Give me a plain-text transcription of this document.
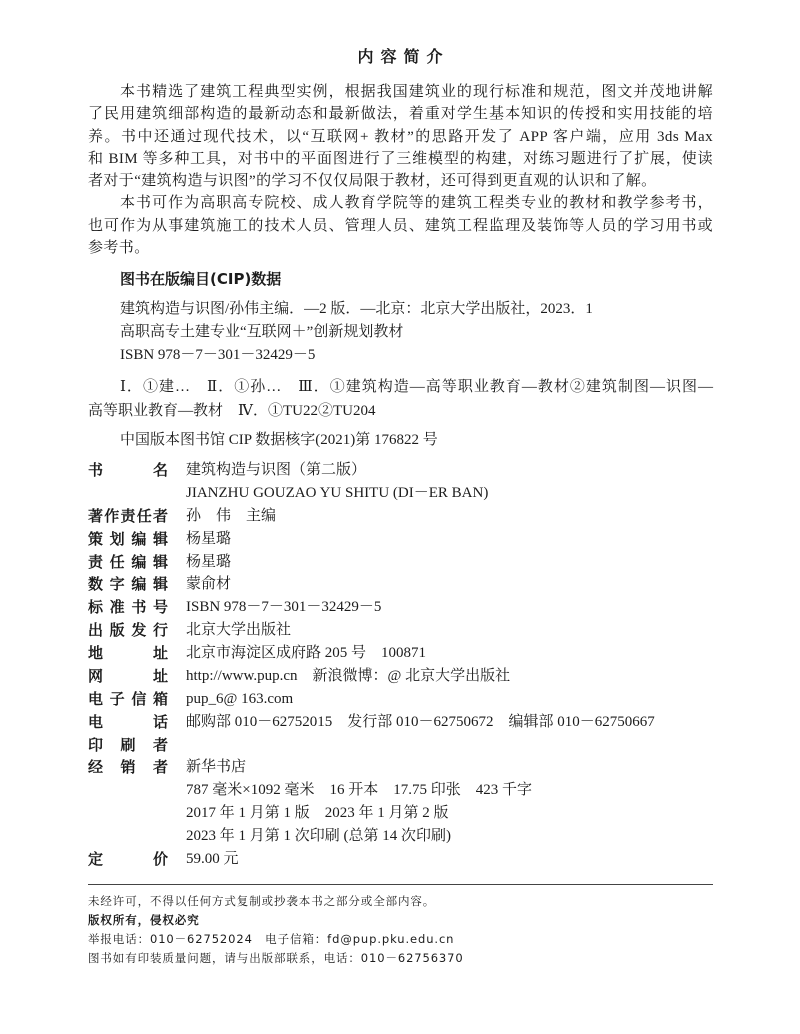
内容简介
本书精选了建筑工程典型实例，根据我国建筑业的现行标准和规范，图文并茂地讲解
了民用建筑细部构造的最新动态和最新做法，着重对学生基本知识的传授和实用技能的培
养。书中还通过现代技术，以“互联网+ 教材”的思路开发了 APP 客户端，应用 3ds Max
和 BIM 等多种工具，对书中的平面图进行了三维模型的构建，对练习题进行了扩展，使读
者对于“建筑构造与识图”的学习不仅仅局限于教材，还可得到更直观的认识和了解。
本书可作为高职高专院校、成人教育学院等的建筑工程类专业的教材和教学参考书，
也可作为从事建筑施工的技术人员、管理人员、建筑工程监理及装饰等人员的学习用书或
参考书。
图书在版编目(CIP)数据
建筑构造与识图/孙伟主编．—2 版．—北京：北京大学出版社，2023．1
高职高专土建专业“互联网＋”创新规划教材
ISBN 978－7－301－32429－5
Ⅰ．①建…　Ⅱ．①孙…　Ⅲ．①建筑构造—高等职业教育—教材②建筑制图—识图—
高等职业教育—教材　Ⅳ．①TU22②TU204
中国版本图书馆 CIP 数据核字(2021)第 176822 号
书名 建筑构造与识图（第二版）
JIANZHU GOUZAO YU SHITU (DI－ER BAN)
著作责任者 孙　伟　主编
策划编辑 杨星璐
责任编辑 杨星璐
数字编辑 蒙俞材
标准书号 ISBN 978－7－301－32429－5
出版发行 北京大学出版社
地址 北京市海淀区成府路 205 号　100871
网址 http://www.pup.cn　新浪微博：@ 北京大学出版社
电子信箱 pup_6@ 163.com
电话 邮购部 010－62752015　发行部 010－62750672　编辑部 010－62750667
印刷者
经销者 新华书店
787 毫米×1092 毫米　16 开本　17.75 印张　423 千字
2017 年 1 月第 1 版　2023 年 1 月第 2 版
2023 年 1 月第 1 次印刷 (总第 14 次印刷)
定价 59.00 元
未经许可，不得以任何方式复制或抄袭本书之部分或全部内容。
版权所有，侵权必究
举报电话：010－62752024　电子信箱：fd@pup.pku.edu.cn
图书如有印装质量问题，请与出版部联系，电话：010－62756370
